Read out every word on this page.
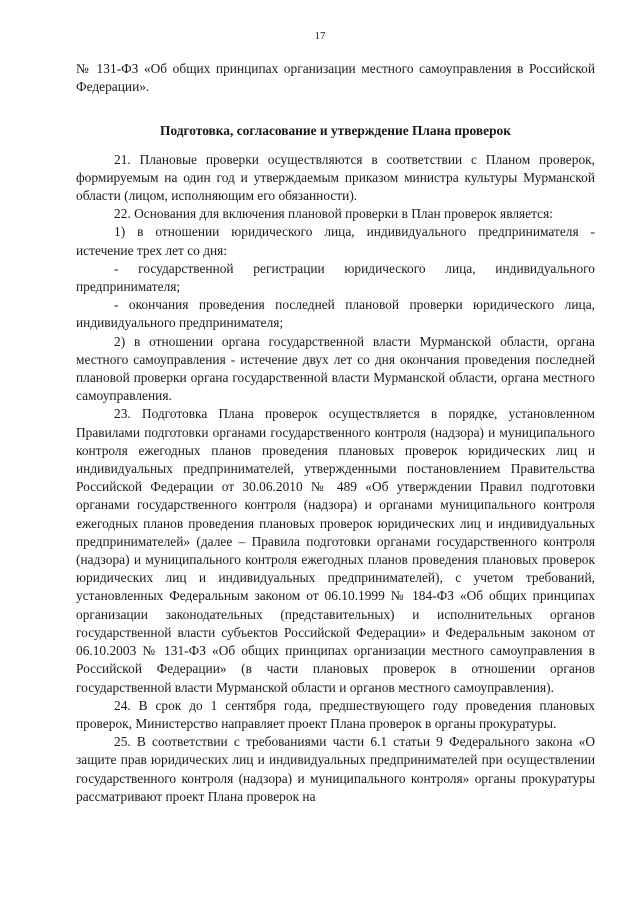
17

№ 131-ФЗ «Об общих принципах организации местного самоуправления в Российской Федерации».

Подготовка, согласование и утверждение Плана проверок

21. Плановые проверки осуществляются в соответствии с Планом проверок, формируемым на один год и утверждаемым приказом министра культуры Мурманской области (лицом, исполняющим его обязанности).

22. Основания для включения плановой проверки в План проверок является:

1) в отношении юридического лица, индивидуального предпринимателя - истечение трех лет со дня:

- государственной регистрации юридического лица, индивидуального предпринимателя;

- окончания проведения последней плановой проверки юридического лица, индивидуального предпринимателя;

2) в отношении органа государственной власти Мурманской области, органа местного самоуправления - истечение двух лет со дня окончания проведения последней плановой проверки органа государственной власти Мурманской области, органа местного самоуправления.

23. Подготовка Плана проверок осуществляется в порядке, установленном Правилами подготовки органами государственного контроля (надзора) и муниципального контроля ежегодных планов проведения плановых проверок юридических лиц и индивидуальных предпринимателей, утвержденными постановлением Правительства Российской Федерации от 30.06.2010 № 489 «Об утверждении Правил подготовки органами государственного контроля (надзора) и органами муниципального контроля ежегодных планов проведения плановых проверок юридических лиц и индивидуальных предпринимателей» (далее – Правила подготовки органами государственного контроля (надзора) и муниципального контроля ежегодных планов проведения плановых проверок юридических лиц и индивидуальных предпринимателей), с учетом требований, установленных Федеральным законом от 06.10.1999 № 184-ФЗ «Об общих принципах организации законодательных (представительных) и исполнительных органов государственной власти субъектов Российской Федерации» и Федеральным законом от 06.10.2003 № 131-ФЗ «Об общих принципах организации местного самоуправления в Российской Федерации» (в части плановых проверок в отношении органов государственной власти Мурманской области и органов местного самоуправления).

24. В срок до 1 сентября года, предшествующего году проведения плановых проверок, Министерство направляет проект Плана проверок в органы прокуратуры.

25. В соответствии с требованиями части 6.1 статьи 9 Федерального закона «О защите прав юридических лиц и индивидуальных предпринимателей при осуществлении государственного контроля (надзора) и муниципального контроля» органы прокуратуры рассматривают проект Плана проверок на
